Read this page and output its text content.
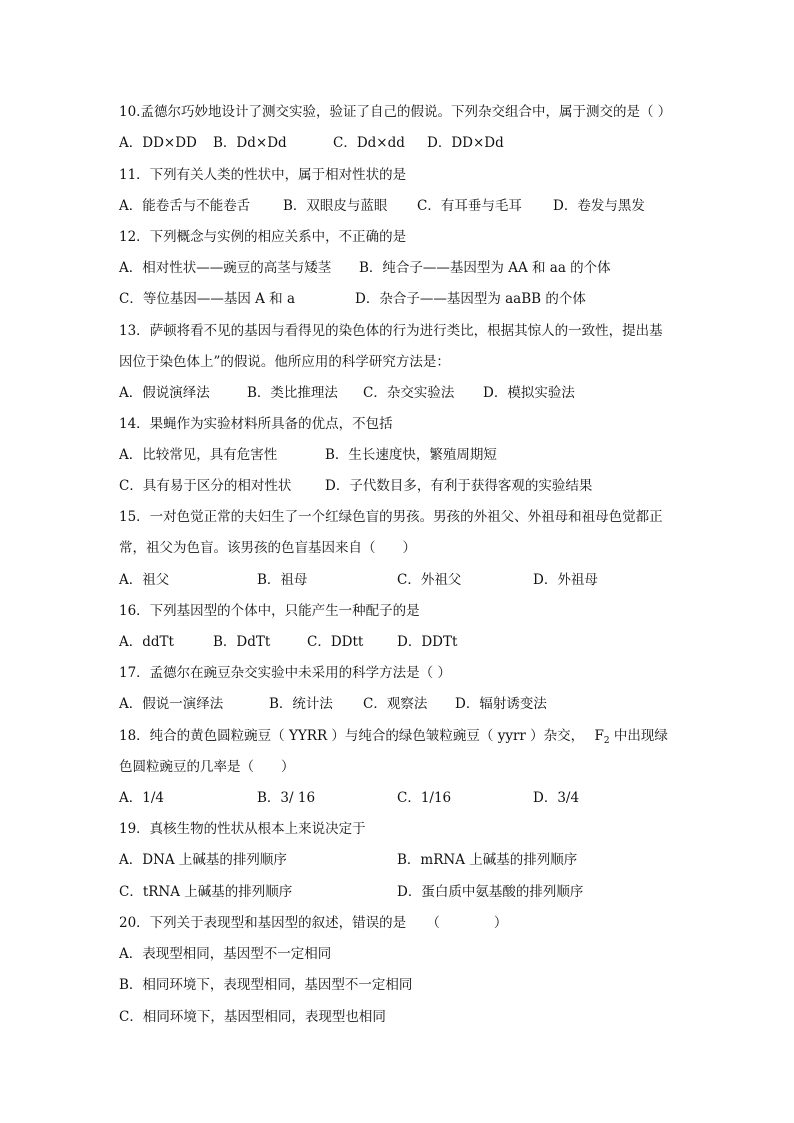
10.孟德尔巧妙地设计了测交实验，验证了自己的假说。下列杂交组合中，属于测交的是（ ）
A．DD×DD B．Dd×Dd	C．Dd×dd D．DD×Dd
11．下列有关人类的性状中，属于相对性状的是
A．能卷舌与不能卷舌 B．双眼皮与蓝眼 C．有耳垂与毛耳 D．卷发与黑发
12．下列概念与实例的相应关系中，不正确的是
A．相对性状——豌豆的高茎与矮茎 B．纯合子——基因型为 AA 和 aa 的个体
C．等位基因——基因 A 和 a	D．杂合子——基因型为 aaBB 的个体
13．萨顿将看不见的基因与看得见的染色体的行为进行类比，根据其惊人的一致性，提出基
因位于染色体上”的假说。他所应用的科学研究方法是：
A．假说演绎法	B．类比推理法 C．杂交实验法 D．模拟实验法
14．果蝇作为实验材料所具备的优点，不包括
A．比较常见，具有危害性	B．生长速度快，繁殖周期短
C．具有易于区分的相对性状 D．子代数目多，有利于获得客观的实验结果
15．一对色觉正常的夫妇生了一个红绿色盲的男孩。男孩的外祖父、外祖母和祖母色觉都正
常，祖父为色盲。该男孩的色盲基因来自（　　）
A．祖父	B．祖母	C．外祖父	D．外祖母
16．下列基因型的个体中，只能产生一种配子的是
A．ddTt	B．DdTt	C．DDtt D．DDTt
17．孟德尔在豌豆杂交实验中未采用的科学方法是（ ）
A．假说一演绎法	B．统计法 C．观察法 D．辐射诱变法
18．纯合的黄色圆粒豌豆（ YYRR ）与纯合的绿色皱粒豌豆（ yyrr ）杂交， $F_2$ 中出现绿
色圆粒豌豆的几率是（　　）
A．1/4	B．3/ 16	C．1/16	D．3/4
19．真核生物的性状从根本上来说决定于
A．DNA 上碱基的排列顺序	B．mRNA 上碱基的排列顺序
C．tRNA 上碱基的排列顺序	D．蛋白质中氨基酸的排列顺序
20．下列关于表现型和基因型的叙述，错误的是　　（　　　　）
A．表现型相同，基因型不一定相同
B．相同环境下，表现型相同，基因型不一定相同
C．相同环境下，基因型相同，表现型也相同
